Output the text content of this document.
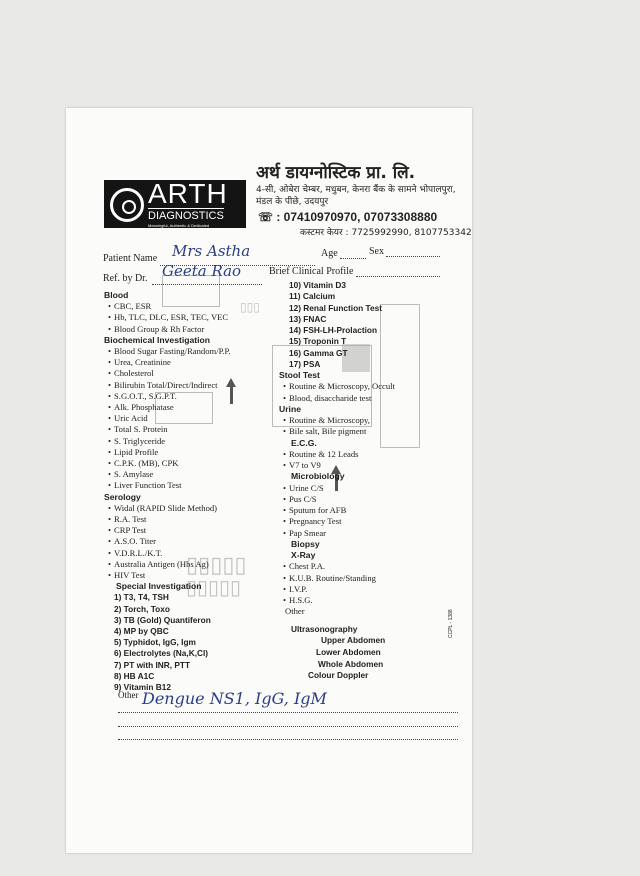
▯▯▯▯▯
▯▯▯▯▯
▯▯▯
ARTH
DIAGNOSTICS
Meaningful, Authentic & Dedicated
अर्थ डायग्नोस्टिक प्रा. लि.
4-सी, ओबेरा चेम्बर, मधुबन, केनरा बैंक के सामने भोपालपुरा, मंडल के पीछे, उदयपुर
☏ : 07410970970, 07073308880
कस्टमर केयर : 7725992990, 8107753342
Patient Name Mrs Astha	Age	Sex
Ref. by Dr. Geeta Rao	Brief Clinical Profile
Blood
• CBC, ESR
• Hb, TLC, DLC, ESR, TEC, VEC
• Blood Group & Rh Factor
Biochemical Investigation
• Blood Sugar Fasting/Random/P.P.
• Urea, Creatinine
• Cholesterol
• Bilirubin Total/Direct/Indirect
• S.G.O.T., S.G.P.T.
• Alk. Phosphatase
• Uric Acid
• Total S. Protein
• S. Triglyceride
• Lipid Profile
• C.P.K. (MB), CPK
• S. Amylase
• Liver Function Test
Serology
• Widal (RAPID Slide Method)
• R.A. Test
• CRP Test
• A.S.O. Titer
• V.D.R.L./K.T.
• Australia Antigen (Hbs Ag)
• HIV Test
Special Investigation
1) T3, T4, TSH
2) Torch, Toxo
3) TB (Gold) Quantiferon
4) MP by QBC
5) Typhidot, IgG, Igm
6) Electrolytes (Na,K,Cl)
7) PT with INR, PTT
8) HB A1C
9) Vitamin B12
10) Vitamin D3
11) Calcium
12) Renal Function Test
13) FNAC
14) FSH-LH-Prolaction
15) Troponin T
16) Gamma GT
17) PSA
Stool Test
• Routine & Microscopy, Occult
• Blood, disaccharide test
Urine
• Routine & Microscopy,
• Bile salt, Bile pigment
E.C.G.
• Routine & 12 Leads
• V7 to V9
Microbiology
• Urine C/S
• Pus C/S
• Sputum for AFB
• Pregnancy Test
• Pap Smear
Biopsy
X-Ray
• Chest P.A.
• K.U.B. Routine/Standing
• I.V.P.
• H.S.G.
Other
Ultrasonography
Upper Abdomen
Lower Abdomen
Whole Abdomen
Colour Doppler
CCPL - 1388
Other Dengue NS1, IgG, IgM
